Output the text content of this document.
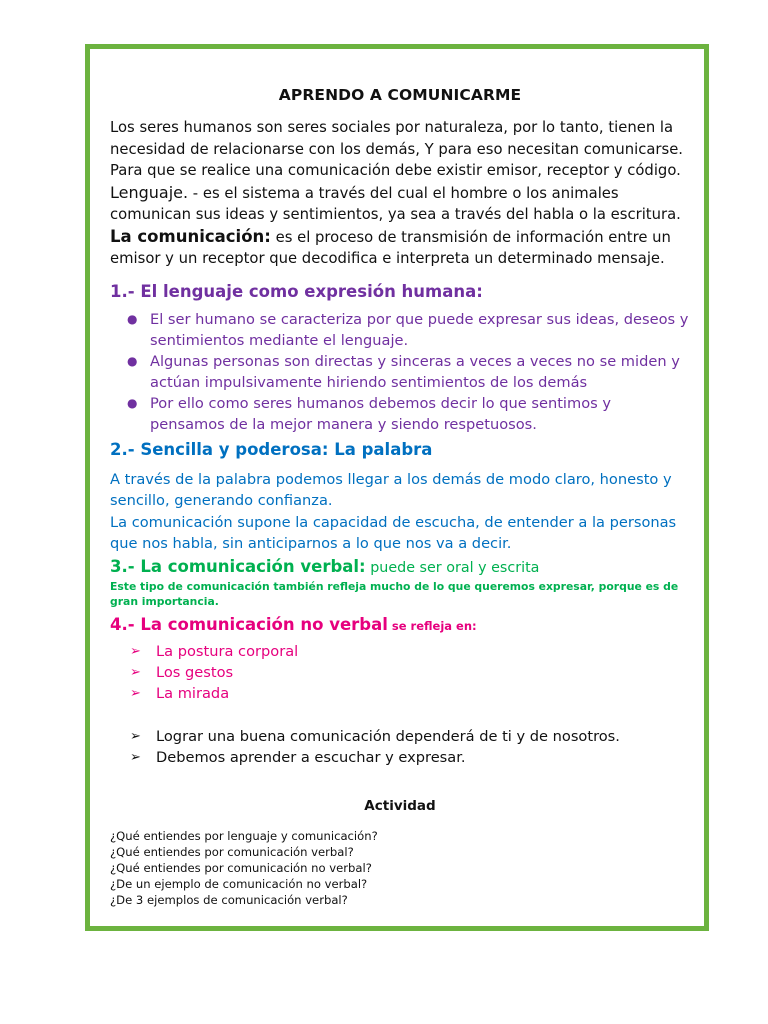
APRENDO A COMUNICARME

Los seres humanos son seres sociales por naturaleza, por lo tanto, tienen la necesidad de relacionarse con los demás, Y para eso necesitan comunicarse. Para que se realice una comunicación debe existir emisor, receptor y código.
Lenguaje. - es el sistema a través del cual el hombre o los animales comunican sus ideas y sentimientos, ya sea a través del habla o la escritura.
La comunicación: es el proceso de transmisión de información entre un emisor y un receptor que decodifica e interpreta un determinado mensaje.

1.- El lenguaje como expresión humana:
● El ser humano se caracteriza por que puede expresar sus ideas, deseos y sentimientos mediante el lenguaje.
● Algunas personas son directas y sinceras a veces a veces no se miden y actúan impulsivamente hiriendo sentimientos de los demás
● Por ello como seres humanos debemos decir lo que sentimos y pensamos de la mejor manera y siendo respetuosos.
2.- Sencilla y poderosa: La palabra

A través de la palabra podemos llegar a los demás de modo claro, honesto y sencillo, generando confianza.
La comunicación supone la capacidad de escucha, de entender a la personas que nos habla, sin anticiparnos a lo que nos va a decir.

3.- La comunicación verbal: puede ser oral y escrita

Este tipo de comunicación también refleja mucho de lo que queremos expresar, porque es de gran importancia.

4.- La comunicación no verbal se refleja en:
➢ La postura corporal
➢ Los gestos
➢ La mirada
➢ Lograr una buena comunicación dependerá de ti y de nosotros.
➢ Debemos aprender a escuchar y expresar.
Actividad
¿Qué entiendes por lenguaje y comunicación?
¿Qué entiendes por comunicación verbal?
¿Qué entiendes por comunicación no verbal?
¿De un ejemplo de comunicación no verbal?
¿De 3 ejemplos de comunicación verbal?
